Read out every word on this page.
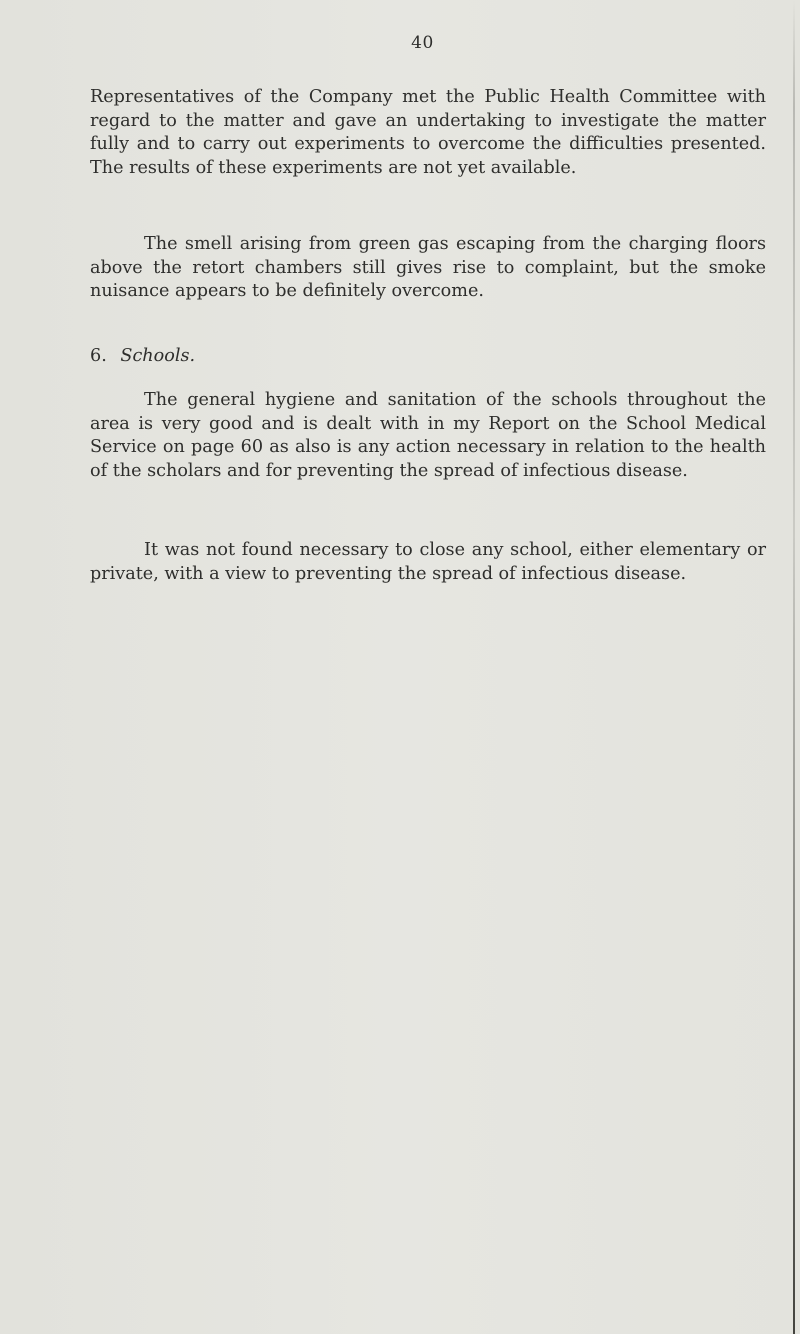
40

Representatives of the Company met the Public Health Committee with regard to the matter and gave an undertaking to investigate the matter fully and to carry out experiments to overcome the difficulties presented. The results of these experiments are not yet available.

The smell arising from green gas escaping from the charging floors above the retort chambers still gives rise to complaint, but the smoke nuisance appears to be definitely overcome.

6. Schools.

The general hygiene and sanitation of the schools throughout the area is very good and is dealt with in my Report on the School Medical Service on page 60 as also is any action necessary in relation to the health of the scholars and for preventing the spread of infectious disease.

It was not found necessary to close any school, either elementary or private, with a view to preventing the spread of infectious disease.
